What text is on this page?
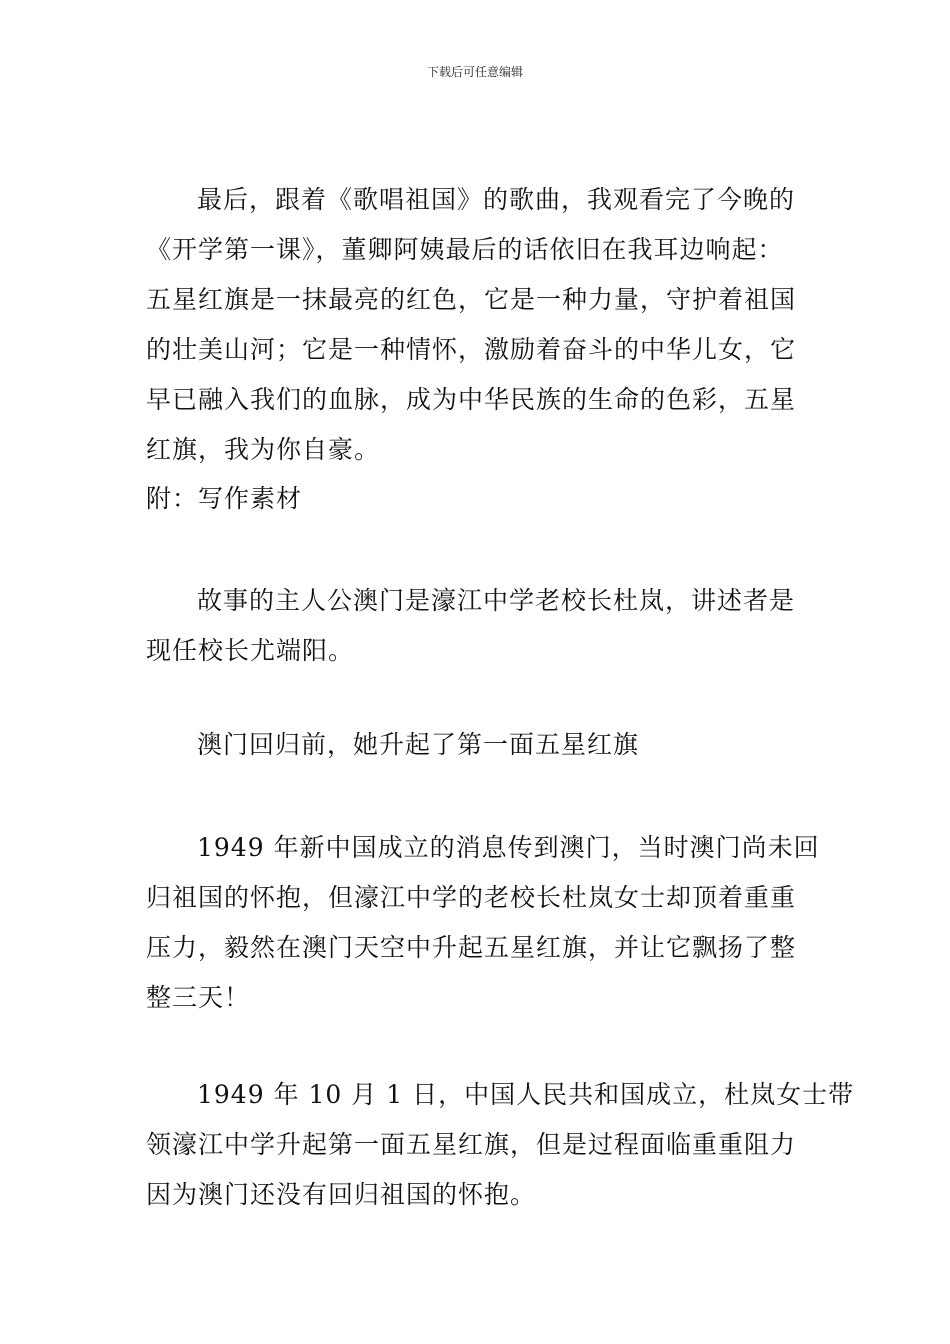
下载后可任意编辑

最后，跟着《歌唱祖国》的歌曲，我观看完了今晚的
《开学第一课》，董卿阿姨最后的话依旧在我耳边响起：
五星红旗是一抹最亮的红色，它是一种力量，守护着祖国
的壮美山河；它是一种情怀，激励着奋斗的中华儿女，它
早已融入我们的血脉，成为中华民族的生命的色彩，五星
红旗，我为你自豪。

附：写作素材

故事的主人公澳门是濠江中学老校长杜岚，讲述者是
现任校长尤端阳。

澳门回归前，她升起了第一面五星红旗

1949 年新中国成立的消息传到澳门，当时澳门尚未回
归祖国的怀抱，但濠江中学的老校长杜岚女士却顶着重重
压力，毅然在澳门天空中升起五星红旗，并让它飘扬了整
整三天！

1949 年 10 月 1 日，中国人民共和国成立，杜岚女士带
领濠江中学升起第一面五星红旗，但是过程面临重重阻力
因为澳门还没有回归祖国的怀抱。
